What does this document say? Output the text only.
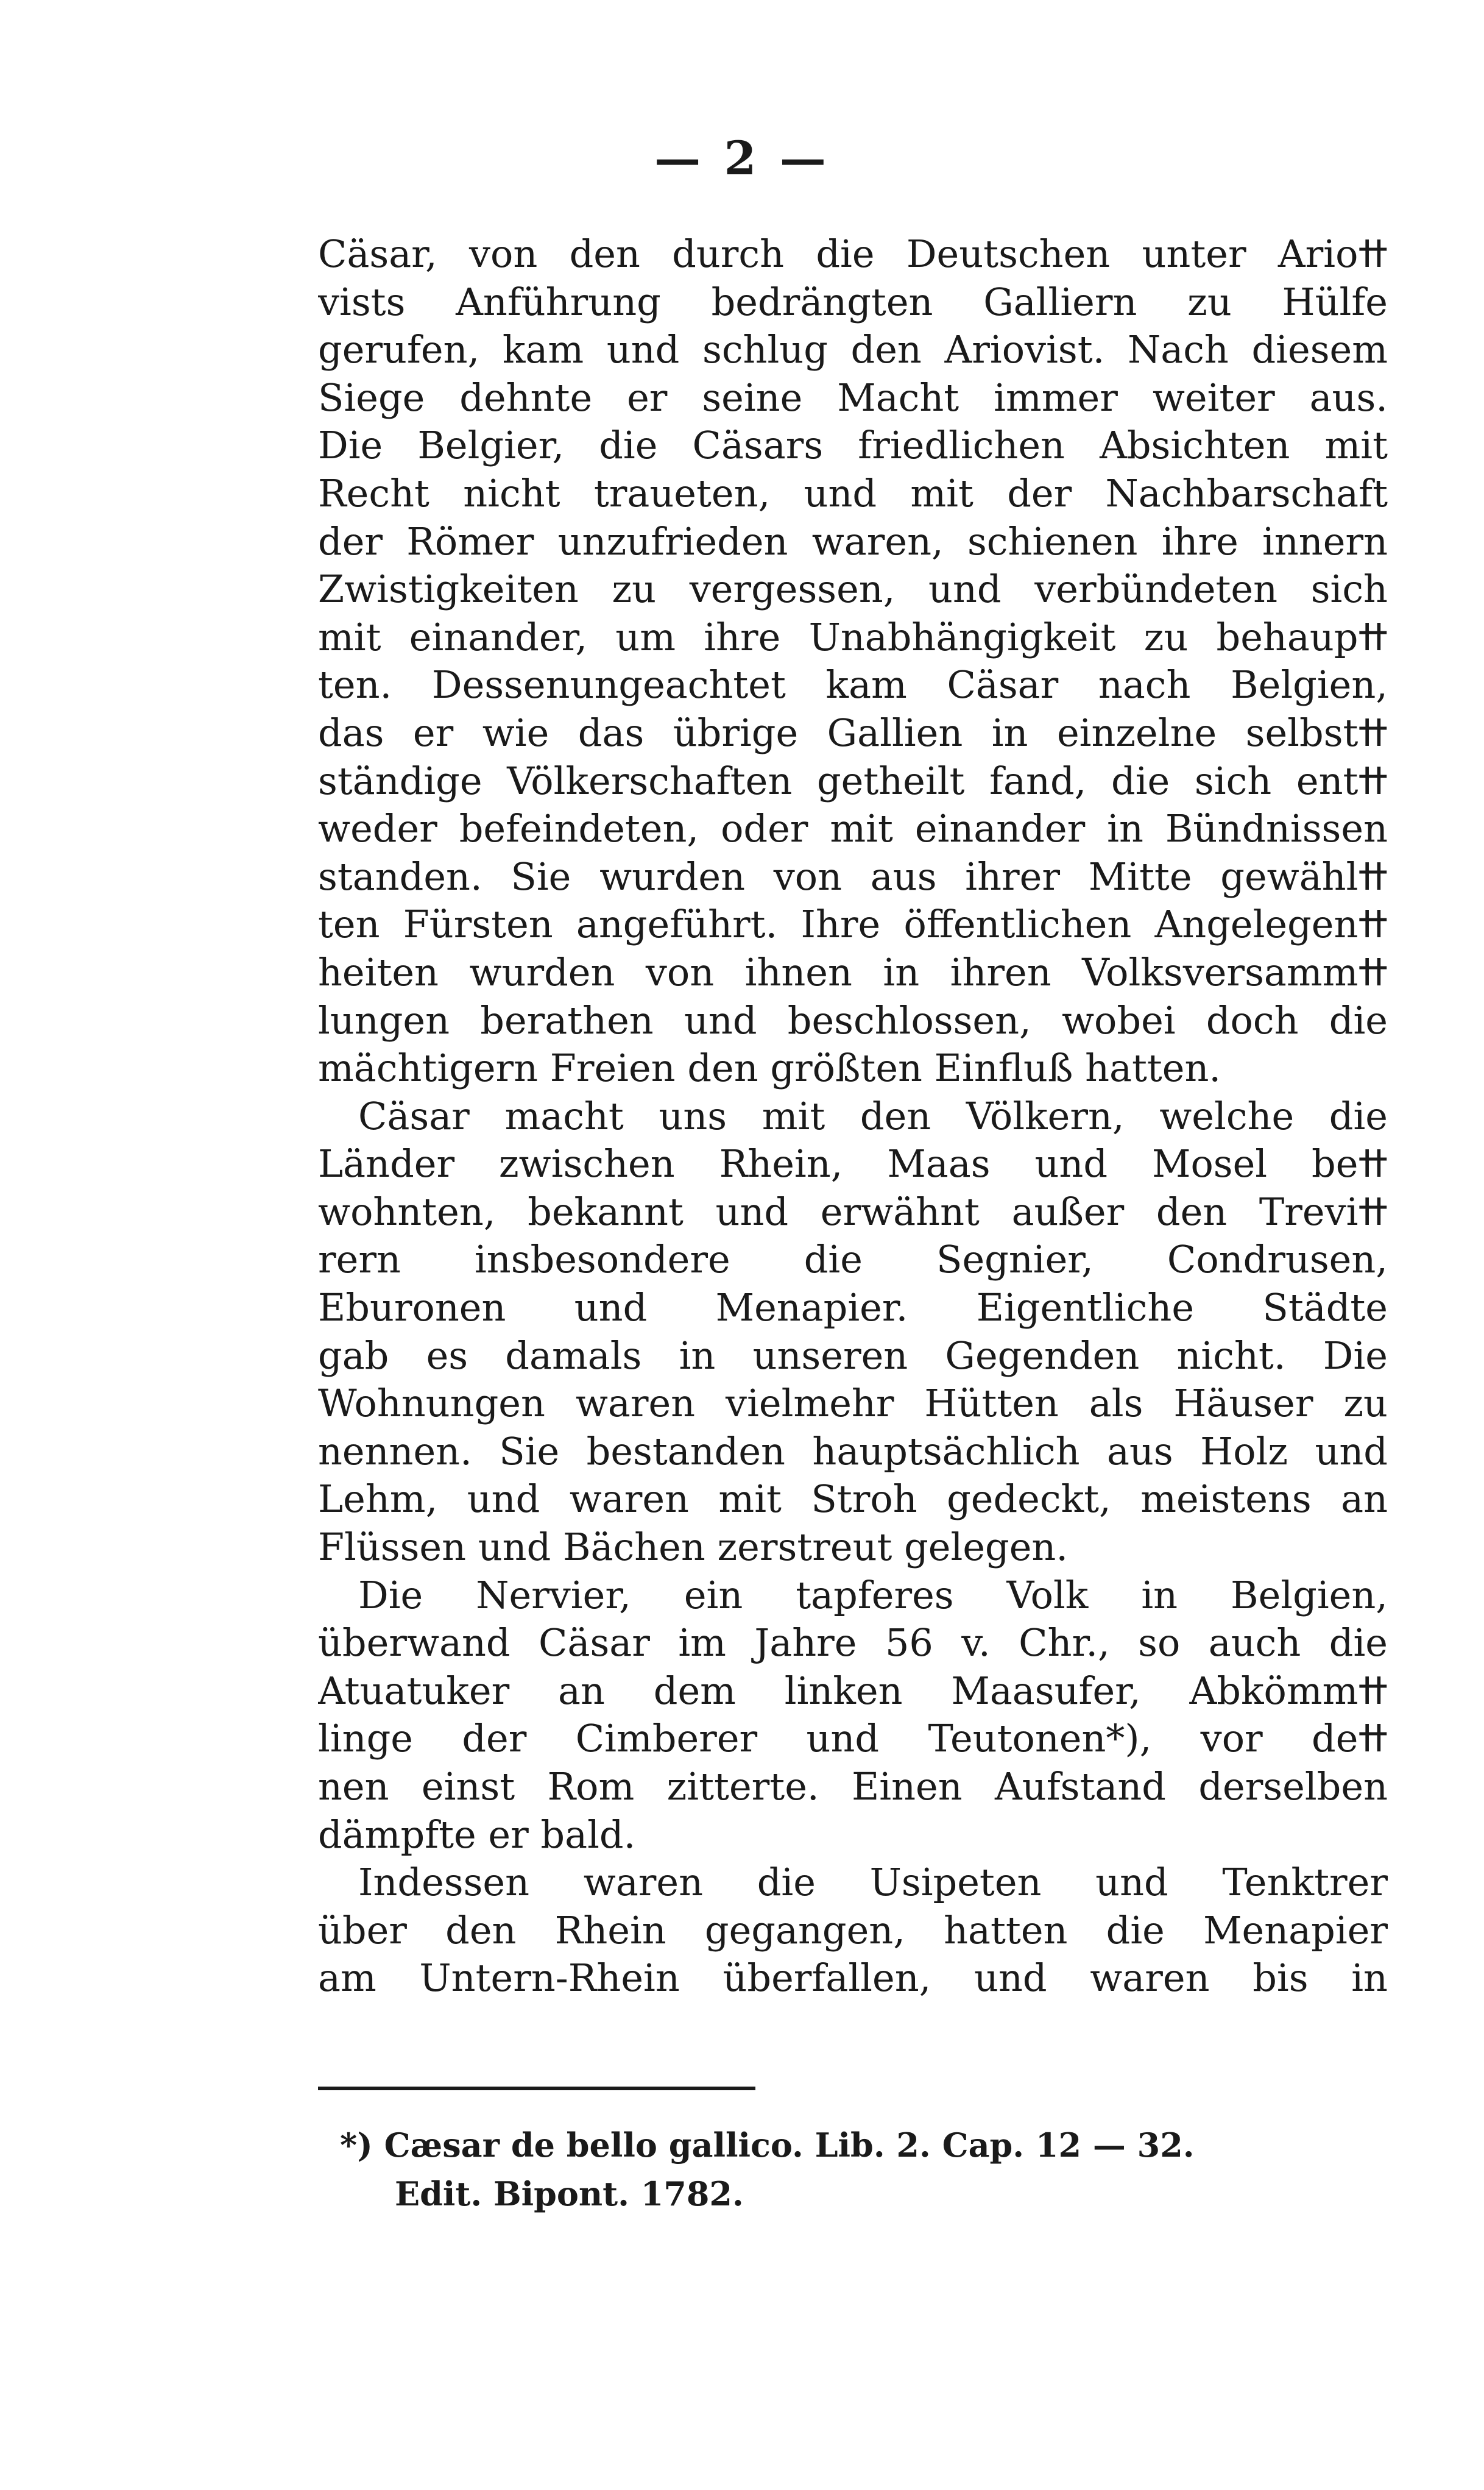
— 2 —
Cäsar, von den durch die Deutschen unter Arioߚ
vists Anführung bedrängten Galliern zu Hülfe
gerufen, kam und schlug den Ariovist. Nach diesem
Siege dehnte er seine Macht immer weiter aus.
Die Belgier, die Cäsars friedlichen Absichten mit
Recht nicht traueten, und mit der Nachbarschaft
der Römer unzufrieden waren, schienen ihre innern
Zwistigkeiten zu vergessen, und verbündeten sich
mit einander, um ihre Unabhängigkeit zu behaupߚ
ten. Dessenungeachtet kam Cäsar nach Belgien,
das er wie das übrige Gallien in einzelne selbstߚ
ständige Völkerschaften getheilt fand, die sich entߚ
weder befeindeten, oder mit einander in Bündnissen
standen. Sie wurden von aus ihrer Mitte gewählߚ
ten Fürsten angeführt. Ihre öffentlichen Angelegenߚ
heiten wurden von ihnen in ihren Volksversammߚ
lungen berathen und beschlossen, wobei doch die
mächtigern Freien den größten Einfluß hatten.
Cäsar macht uns mit den Völkern, welche die
Länder zwischen Rhein, Maas und Mosel beߚ
wohnten, bekannt und erwähnt außer den Treviߚ
rern insbesondere die Segnier, Condrusen,
Eburonen und Menapier. Eigentliche Städte
gab es damals in unseren Gegenden nicht. Die
Wohnungen waren vielmehr Hütten als Häuser zu
nennen. Sie bestanden hauptsächlich aus Holz und
Lehm, und waren mit Stroh gedeckt, meistens an
Flüssen und Bächen zerstreut gelegen.
Die Nervier, ein tapferes Volk in Belgien,
überwand Cäsar im Jahre 56 v. Chr., so auch die
Atuatuker an dem linken Maasufer, Abkömmߚ
linge der Cimberer und Teutonen*), vor deߚ
nen einst Rom zitterte. Einen Aufstand derselben
dämpfte er bald.
Indessen waren die Usipeten und Tenktrer
über den Rhein gegangen, hatten die Menapier
am Untern-Rhein überfallen, und waren bis in
*) Cæsar de bello gallico. Lib. 2. Cap. 12 — 32.
Edit. Bipont. 1782.
